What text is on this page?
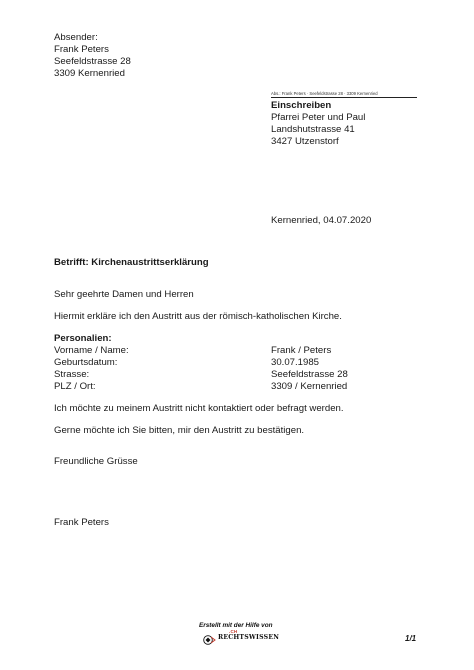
Absender:
Frank Peters
Seefeldstrasse 28
3309 Kernenried
Abs.: Frank Peters · Seefeldstrasse 28 · 3309 Kernenried
Einschreiben
Pfarrei Peter und Paul
Landshutstrasse 41
3427 Utzenstorf
Kernenried, 04.07.2020
Betrifft: Kirchenaustrittserklärung
Sehr geehrte Damen und Herren
Hiermit erkläre ich den Austritt aus der römisch-katholischen Kirche.
Personalien:
Vorname / Name:	Frank / Peters
Geburtsdatum:	30.07.1985
Strasse:	Seefeldstrasse 28
PLZ / Ort:	3309 / Kernenried
Ich möchte zu meinem Austritt nicht kontaktiert oder befragt werden.
Gerne möchte ich Sie bitten, mir den Austritt zu bestätigen.
Freundliche Grüsse
Frank Peters
Erstellt mit der Hilfe von
RECHTSWISSEN
.CH
1/1
